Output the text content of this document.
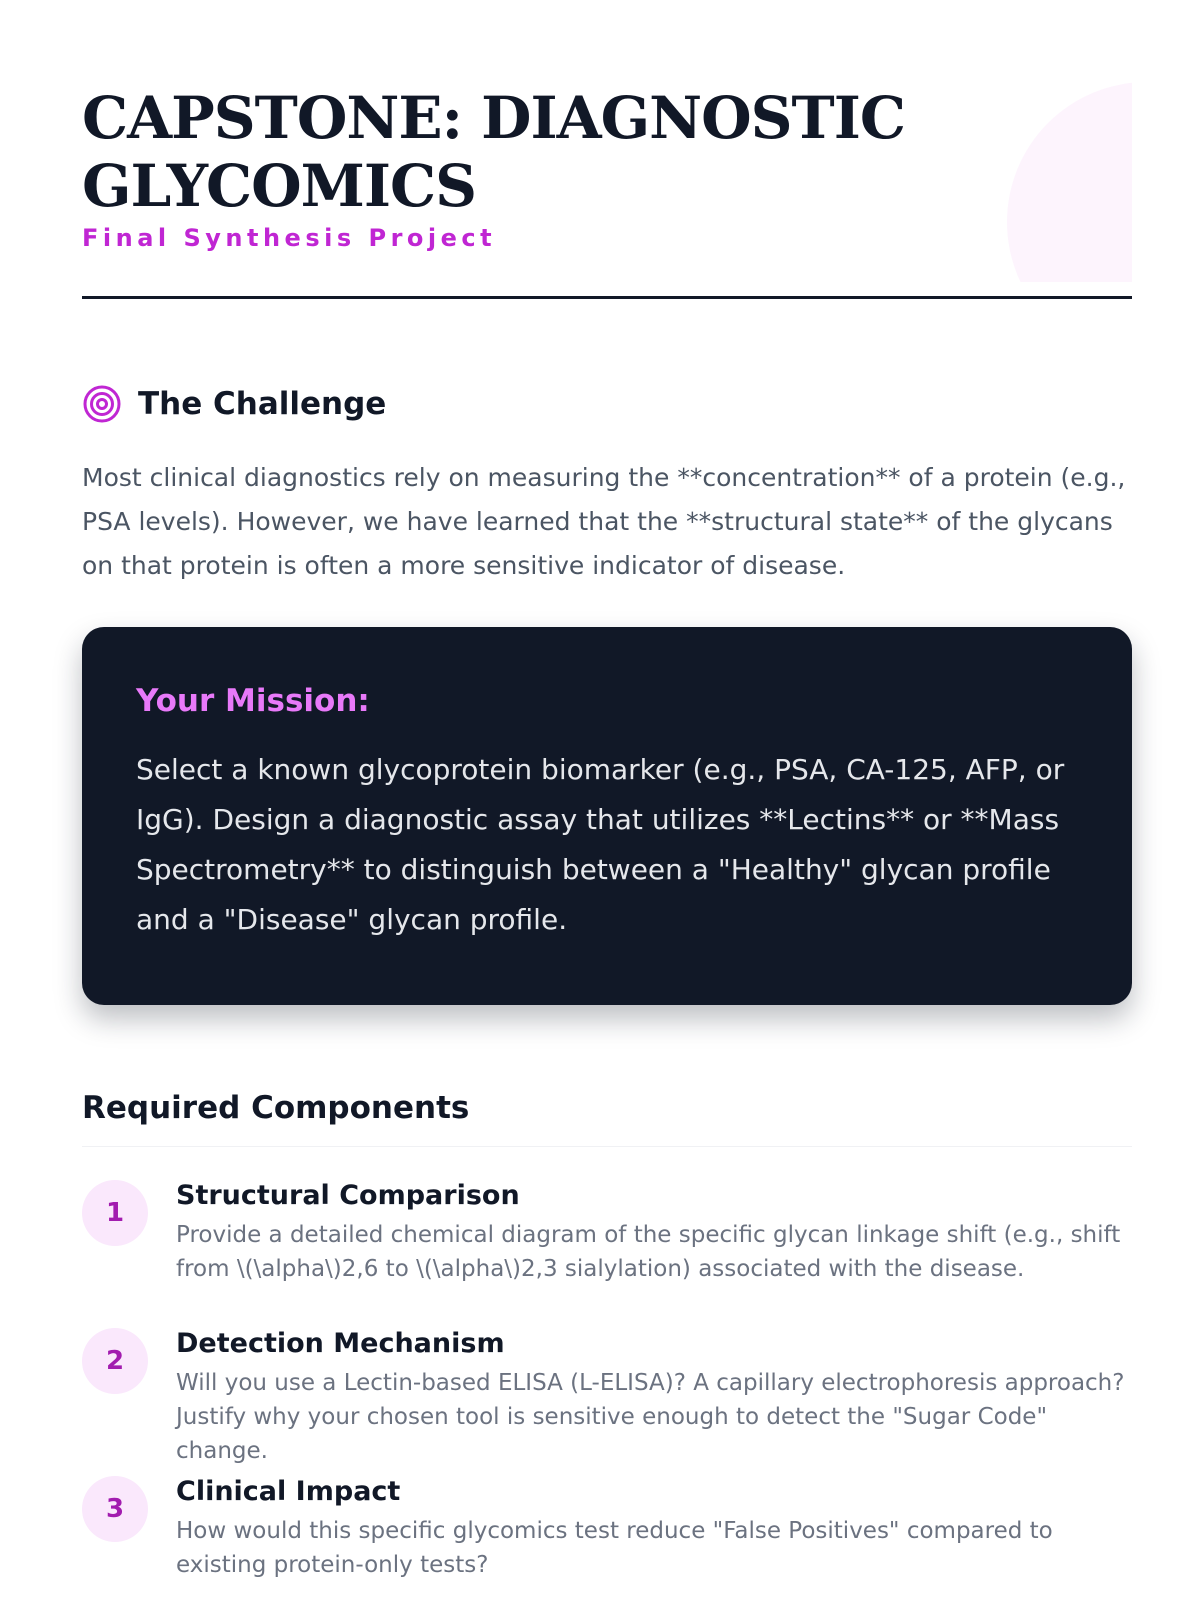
CAPSTONE: DIAGNOSTIC GLYCOMICS
Final Synthesis Project
The Challenge

Most clinical diagnostics rely on measuring the **concentration** of a protein (e.g., PSA levels). However, we have learned that the **structural state** of the glycans on that protein is often a more sensitive indicator of disease.

Your Mission:

Select a known glycoprotein biomarker (e.g., PSA, CA-125, AFP, or IgG). Design a diagnostic assay that utilizes **Lectins** or **Mass Spectrometry** to distinguish between a "Healthy" glycan profile and a "Disease" glycan profile.

Required Components
1
Structural Comparison

Provide a detailed chemical diagram of the specific glycan linkage shift (e.g., shift from \(\alpha\)2,6 to \(\alpha\)2,3 sialylation) associated with the disease.

2
Detection Mechanism

Will you use a Lectin-based ELISA (L-ELISA)? A capillary electrophoresis approach? Justify why your chosen tool is sensitive enough to detect the "Sugar Code" change.

3
Clinical Impact

How would this specific glycomics test reduce "False Positives" compared to existing protein-only tests?
